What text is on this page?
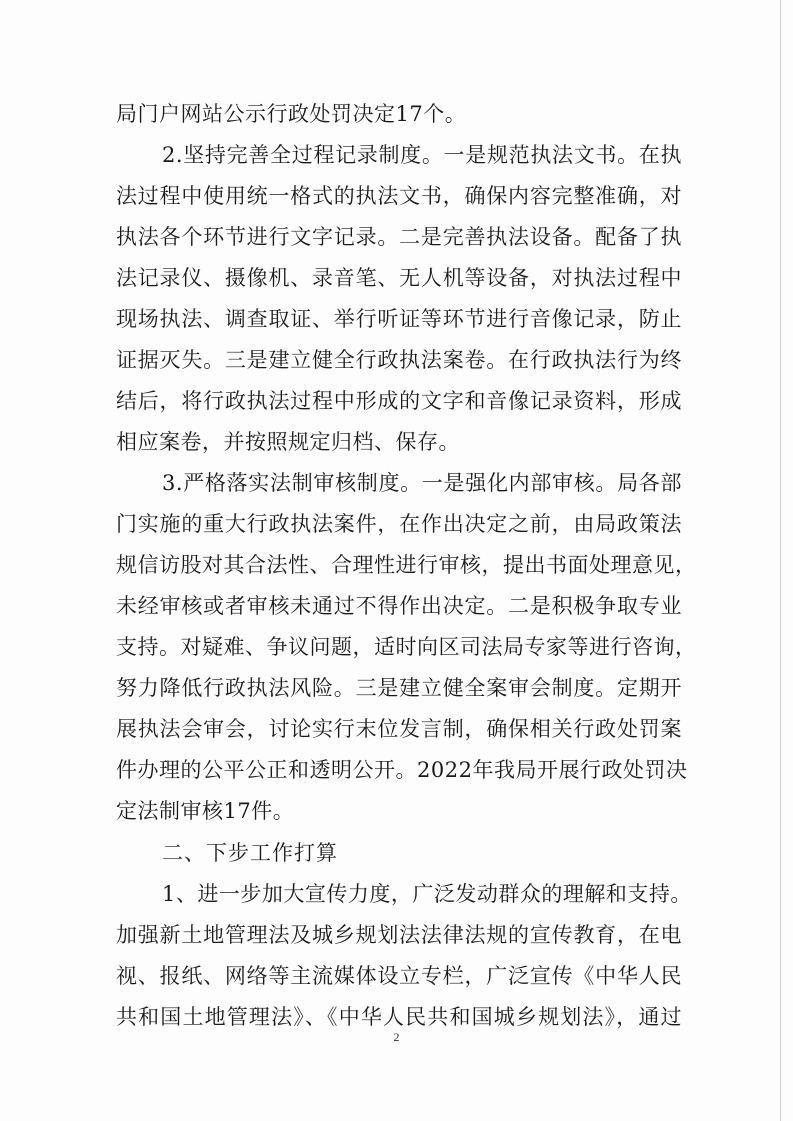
局门户网站公示行政处罚决定17个。
2.坚持完善全过程记录制度。一是规范执法文书。在执
法过程中使用统一格式的执法文书，确保内容完整准确，对
执法各个环节进行文字记录。二是完善执法设备。配备了执
法记录仪、摄像机、录音笔、无人机等设备，对执法过程中
现场执法、调查取证、举行听证等环节进行音像记录，防止
证据灭失。三是建立健全行政执法案卷。在行政执法行为终
结后，将行政执法过程中形成的文字和音像记录资料，形成
相应案卷，并按照规定归档、保存。
3.严格落实法制审核制度。一是强化内部审核。局各部
门实施的重大行政执法案件，在作出决定之前，由局政策法
规信访股对其合法性、合理性进行审核，提出书面处理意见，
未经审核或者审核未通过不得作出决定。二是积极争取专业
支持。对疑难、争议问题，适时向区司法局专家等进行咨询，
努力降低行政执法风险。三是建立健全案审会制度。定期开
展执法会审会，讨论实行末位发言制，确保相关行政处罚案
件办理的公平公正和透明公开。2022年我局开展行政处罚决
定法制审核17件。
二、下步工作打算
1、进一步加大宣传力度，广泛发动群众的理解和支持。
加强新土地管理法及城乡规划法法律法规的宣传教育，在电
视、报纸、网络等主流媒体设立专栏，广泛宣传《中华人民
共和国土地管理法》、《中华人民共和国城乡规划法》，通过
2
